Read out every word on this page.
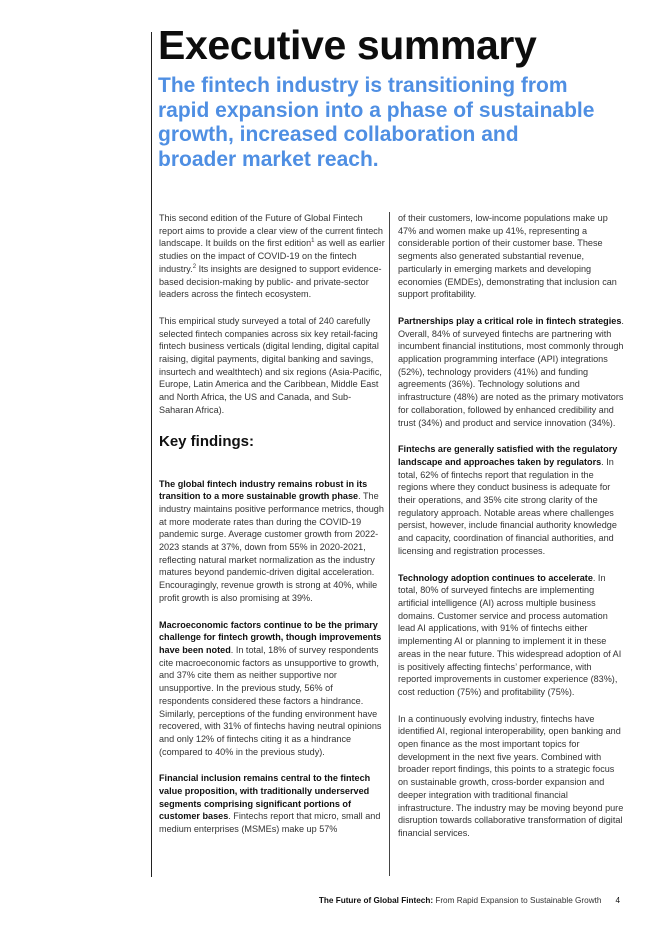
Executive summary
The fintech industry is transitioning from rapid expansion into a phase of sustainable growth, increased collaboration and broader market reach.

This second edition of the Future of Global Fintech report aims to provide a clear view of the current fintech landscape. It builds on the first edition$^1$ as well as earlier studies on the impact of COVID-19 on the fintech industry.$^2$ Its insights are designed to support evidence-based decision-making by public- and private-sector leaders across the fintech ecosystem.

This empirical study surveyed a total of 240 carefully selected fintech companies across six key retail-facing fintech business verticals (digital lending, digital capital raising, digital payments, digital banking and savings, insurtech and wealthtech) and six regions (Asia-Pacific, Europe, Latin America and the Caribbean, Middle East and North Africa, the US and Canada, and Sub-Saharan Africa).

Key findings:

The global fintech industry remains robust in its transition to a more sustainable growth phase. The industry maintains positive performance metrics, though at more moderate rates than during the COVID-19 pandemic surge. Average customer growth from 2022-2023 stands at 37%, down from 55% in 2020-2021, reflecting natural market normalization as the industry matures beyond pandemic-driven digital acceleration. Encouragingly, revenue growth is strong at 40%, while profit growth is also promising at 39%.

Macroeconomic factors continue to be the primary challenge for fintech growth, though improvements have been noted. In total, 18% of survey respondents cite macroeconomic factors as unsupportive to growth, and 37% cite them as neither supportive nor unsupportive. In the previous study, 56% of respondents considered these factors a hindrance. Similarly, perceptions of the funding environment have recovered, with 31% of fintechs having neutral opinions and only 12% of fintechs citing it as a hindrance (compared to 40% in the previous study).

Financial inclusion remains central to the fintech value proposition, with traditionally underserved segments comprising significant portions of customer bases. Fintechs report that micro, small and medium enterprises (MSMEs) make up 57%

of their customers, low-income populations make up 47% and women make up 41%, representing a considerable portion of their customer base. These segments also generated substantial revenue, particularly in emerging markets and developing economies (EMDEs), demonstrating that inclusion can support profitability.

Partnerships play a critical role in fintech strategies. Overall, 84% of surveyed fintechs are partnering with incumbent financial institutions, most commonly through application programming interface (API) integrations (52%), technology providers (41%) and funding agreements (36%). Technology solutions and infrastructure (48%) are noted as the primary motivators for collaboration, followed by enhanced credibility and trust (34%) and product and service innovation (34%).

Fintechs are generally satisfied with the regulatory landscape and approaches taken by regulators. In total, 62% of fintechs report that regulation in the regions where they conduct business is adequate for their operations, and 35% cite strong clarity of the regulatory approach. Notable areas where challenges persist, however, include financial authority knowledge and capacity, coordination of financial authorities, and licensing and registration processes.

Technology adoption continues to accelerate. In total, 80% of surveyed fintechs are implementing artificial intelligence (AI) across multiple business domains. Customer service and process automation lead AI applications, with 91% of fintechs either implementing AI or planning to implement it in these areas in the near future. This widespread adoption of AI is positively affecting fintechs’ performance, with reported improvements in customer experience (83%), cost reduction (75%) and profitability (75%).

In a continuously evolving industry, fintechs have identified AI, regional interoperability, open banking and open finance as the most important topics for development in the next five years. Combined with broader report findings, this points to a strategic focus on sustainable growth, cross-border expansion and deeper integration with traditional financial infrastructure. The industry may be moving beyond pure disruption towards collaborative transformation of digital financial services.

The Future of Global Fintech: From Rapid Expansion to Sustainable Growth 4
